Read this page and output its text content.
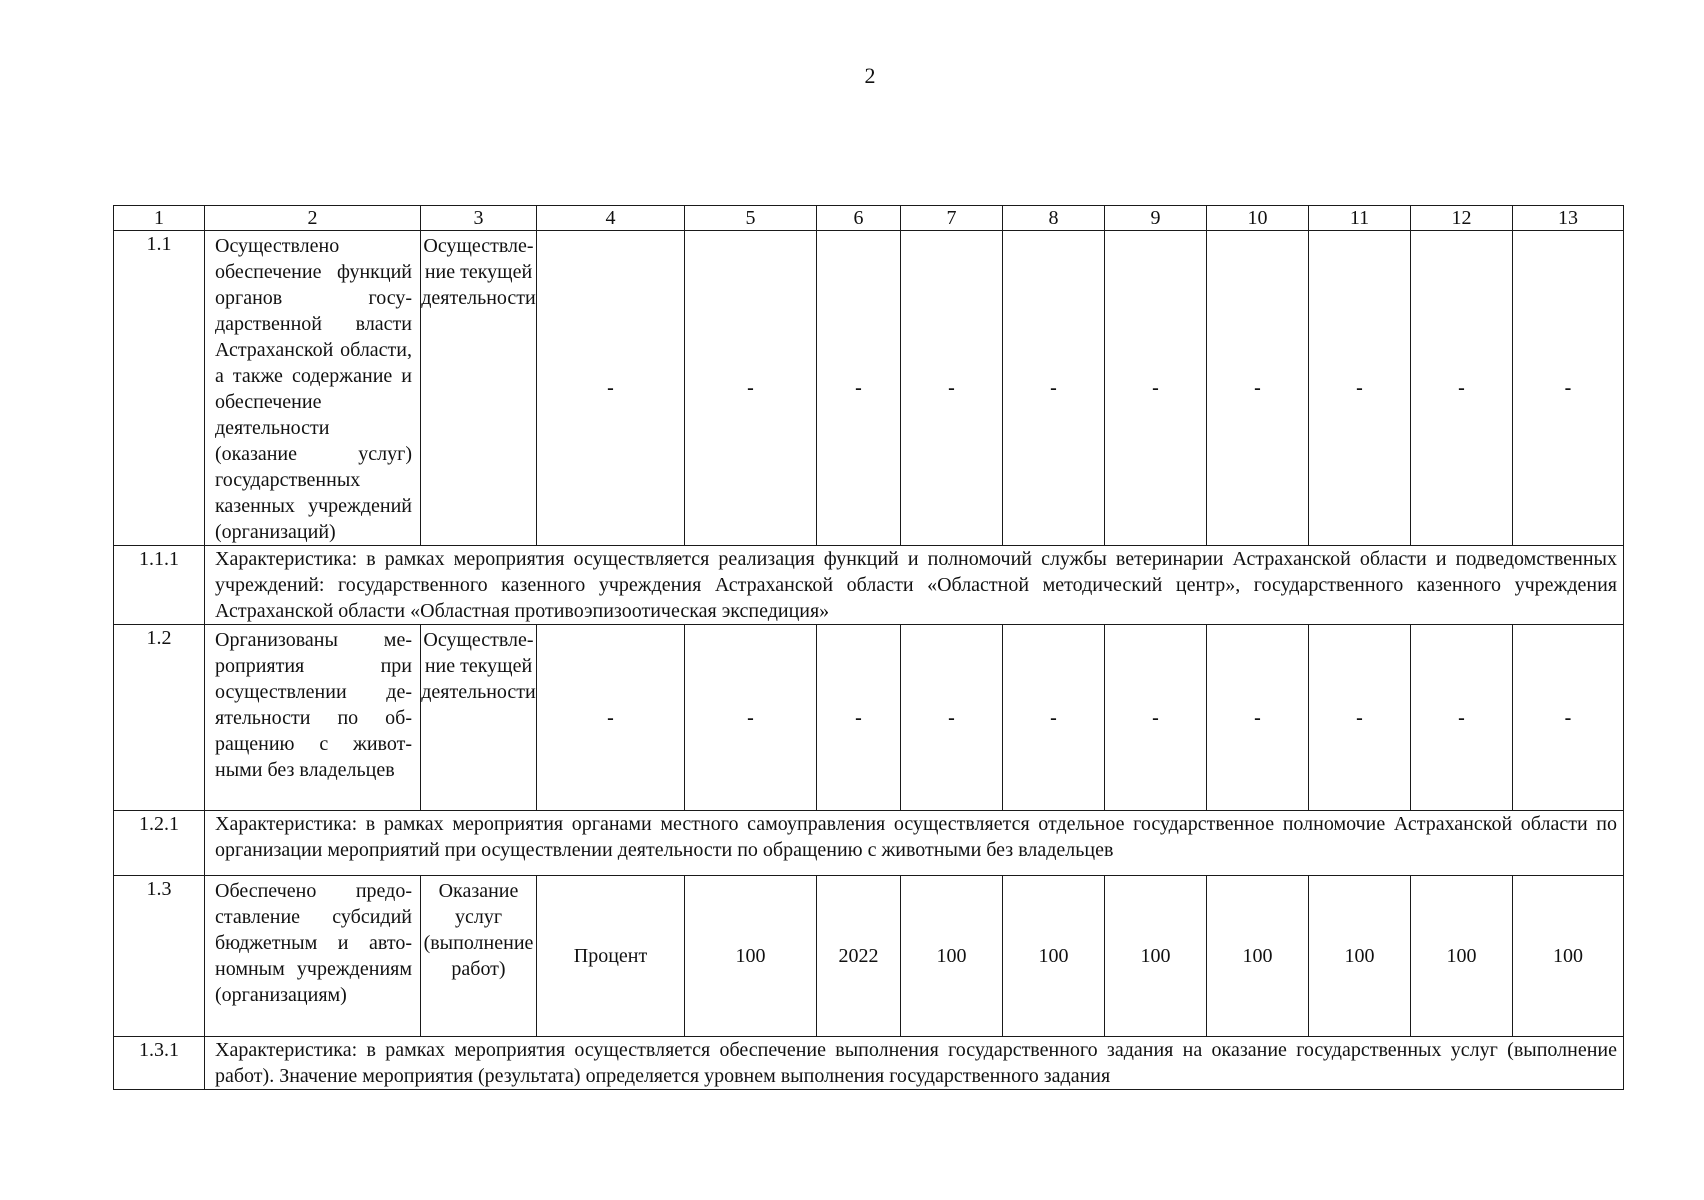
2
1	2	3	4	5	6	7	8	9	10	11	12	13
1.1	Осуществлено обеспечение функций органов государственной власти Астраханской области, а также содержание и обеспечение деятельности (оказание услуг) государственных казенных учреждений (организаций)	Осуществление текущей деятельности	-	-	-	-	-	-	-	-	-	-
1.1.1	Характеристика: в рамках мероприятия осуществляется реализация функций и полномочий службы ветеринарии Астраханской области и подведомственных учреждений: государственного казенного учреждения Астраханской области «Областной методический центр», государственного казенного учреждения Астраханской области «Областная противоэпизоотическая экспедиция»											
1.2	Организованы мероприятия при осуществлении деятельности по обращению с животными без владельцев	Осуществление текущей деятельности	-	-	-	-	-	-	-	-	-	-
1.2.1	Характеристика: в рамках мероприятия органами местного самоуправления осуществляется отдельное государственное полномочие Астраханской области по организации мероприятий при осуществлении деятельности по обращению с животными без владельцев											
1.3	Обеспечено предоставление субсидий бюджетным и автономным учреждениям (организациям)	Оказание услуг (выполнение работ)	Процент	100	2022	100	100	100	100	100	100	100
1.3.1	Характеристика: в рамках мероприятия осуществляется обеспечение выполнения государственного задания на оказание государственных услуг (выполнение работ). Значение мероприятия (результата) определяется уровнем выполнения государственного задания											
